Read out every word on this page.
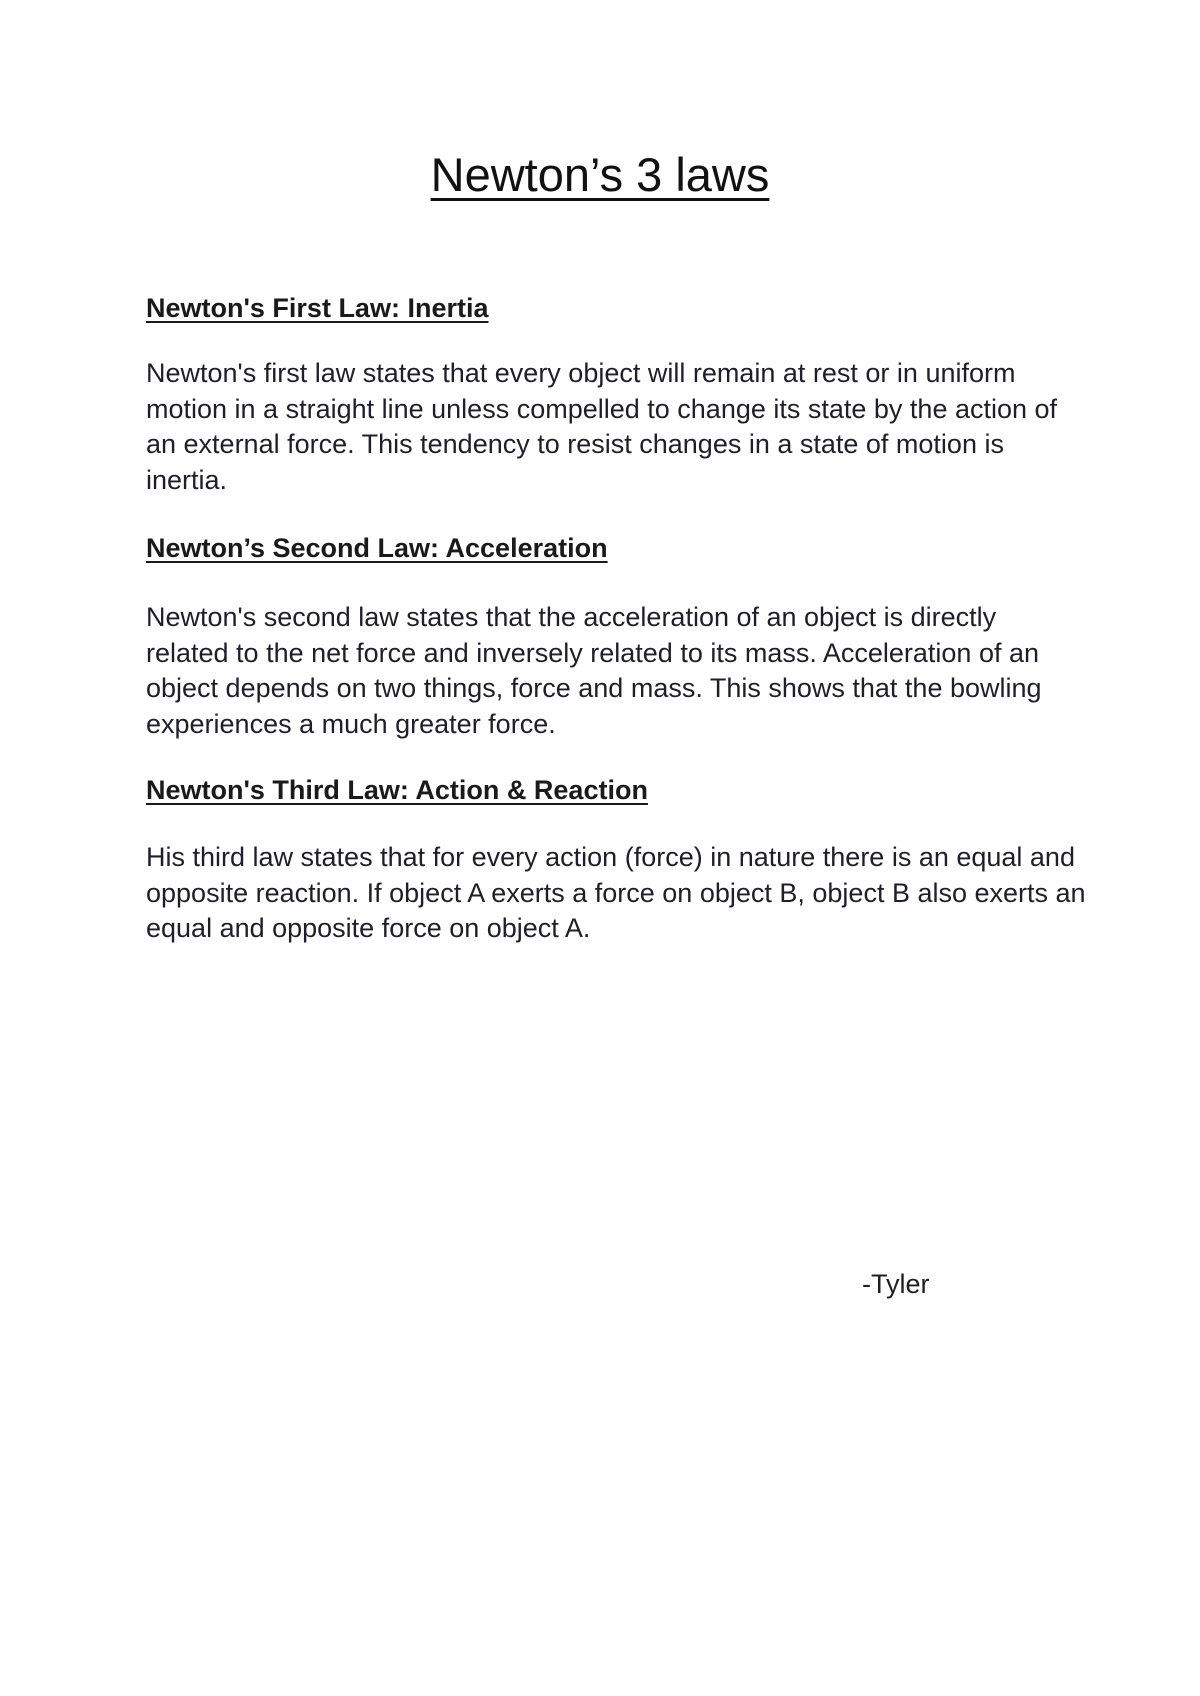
Newton’s 3 laws
Newton's First Law: Inertia

Newton's first law states that every object will remain at rest or in uniform motion in a straight line unless compelled to change its state by the action of an external force. This tendency to resist changes in a state of motion is inertia.

Newton’s Second Law: Acceleration

Newton's second law states that the acceleration of an object is directly related to the net force and inversely related to its mass. Acceleration of an object depends on two things, force and mass. This shows that the bowling experiences a much greater force.

Newton's Third Law: Action & Reaction

His third law states that for every action (force) in nature there is an equal and opposite reaction. If object A exerts a force on object B, object B also exerts an equal and opposite force on object A.

-Tyler
